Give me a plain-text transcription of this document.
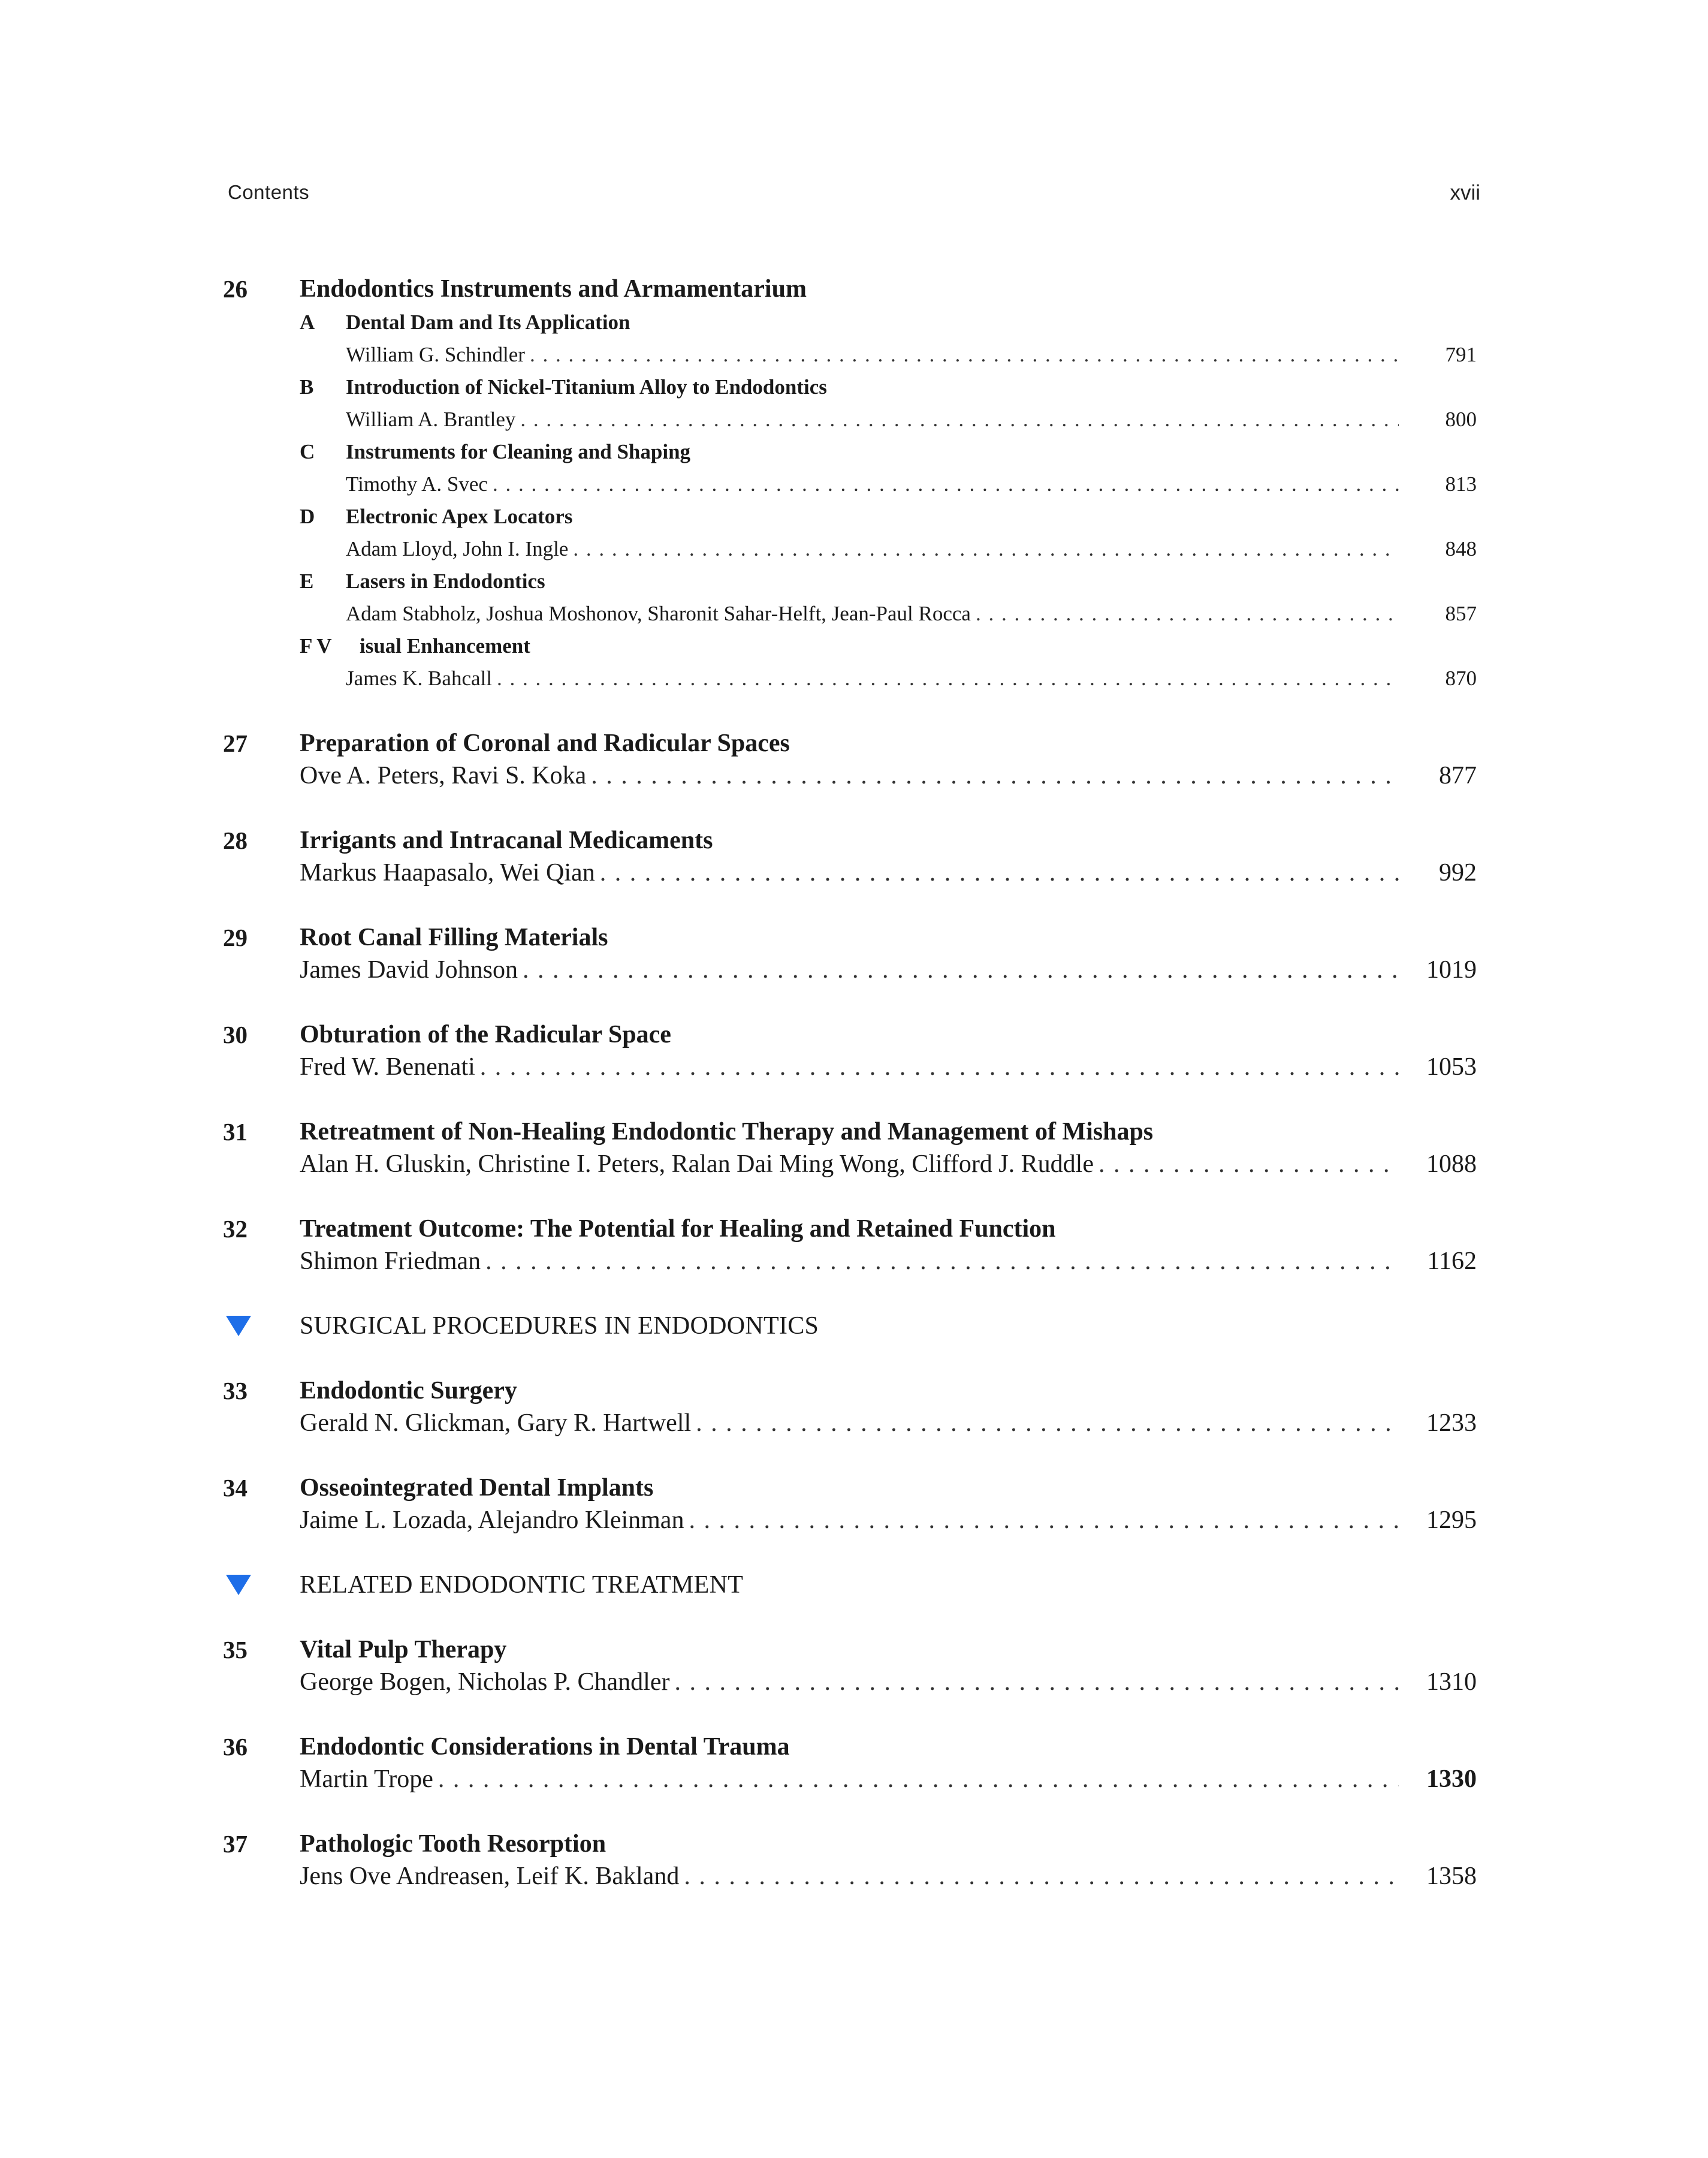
Contents	xvii
26	Endodontics Instruments and Armamentarium
A Dental Dam and Its Application
William G. Schindler . . .	791
B Introduction of Nickel-Titanium Alloy to Endodontics
William A. Brantley . . .	800
C Instruments for Cleaning and Shaping
Timothy A. Svec . . .	813
D Electronic Apex Locators
Adam Lloyd, John I. Ingle . . .	848
E Lasers in Endodontics
Adam Stabholz, Joshua Moshonov, Sharonit Sahar-Helft, Jean-Paul Rocca . . .	857
F V isual Enhancement
James K. Bahcall . . .	870
27	Preparation of Coronal and Radicular Spaces
Ove A. Peters, Ravi S. Koka . . .	877
28	Irrigants and Intracanal Medicaments
Markus Haapasalo, Wei Qian . . .	992
29	Root Canal Filling Materials
James David Johnson . . .	1019
30	Obturation of the Radicular Space
Fred W. Benenati . . .	1053
31	Retreatment of Non-Healing Endodontic Therapy and Management of Mishaps
Alan H. Gluskin, Christine I. Peters, Ralan Dai Ming Wong, Clifford J. Ruddle . . .	1088
32	Treatment Outcome: The Potential for Healing and Retained Function
Shimon Friedman . . .	1162
SURGICAL PROCEDURES IN ENDODONTICS
33	Endodontic Surgery
Gerald N. Glickman, Gary R. Hartwell . . .	1233
34	Osseointegrated Dental Implants
Jaime L. Lozada, Alejandro Kleinman . . .	1295
RELATED ENDODONTIC TREATMENT
35	Vital Pulp Therapy
George Bogen, Nicholas P. Chandler . . .	1310
36	Endodontic Considerations in Dental Trauma
Martin Trope . . .	1330
37	Pathologic Tooth Resorption
Jens Ove Andreasen, Leif K. Bakland . . .	1358
